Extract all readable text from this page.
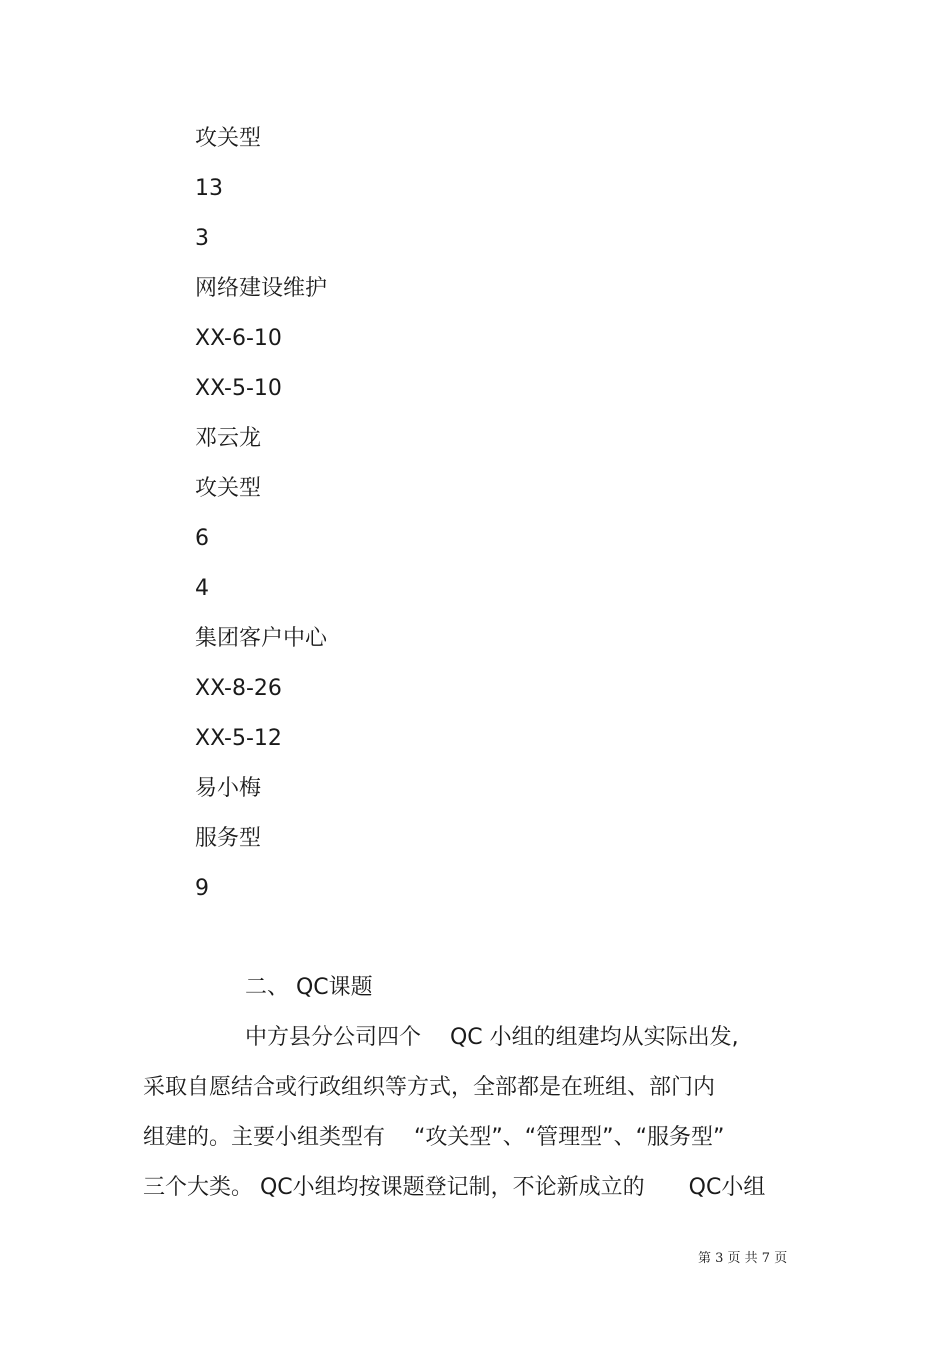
攻关型
13
3
网络建设维护
XX-6-10
XX-5-10
邓云龙
攻关型
6
4
集团客户中心
XX-8-26
XX-5-12
易小梅
服务型
9
二、 QC课题
中方县分公司四个　 QC 小组的组建均从实际出发,
采取自愿结合或行政组织等方式，全部都是在班组、部门内
组建的。主要小组类型有　 “攻关型”、“管理型”、“服务型”
三个大类。 QC小组均按课题登记制，不论新成立的　　QC小组
第 3 页 共 7 页
